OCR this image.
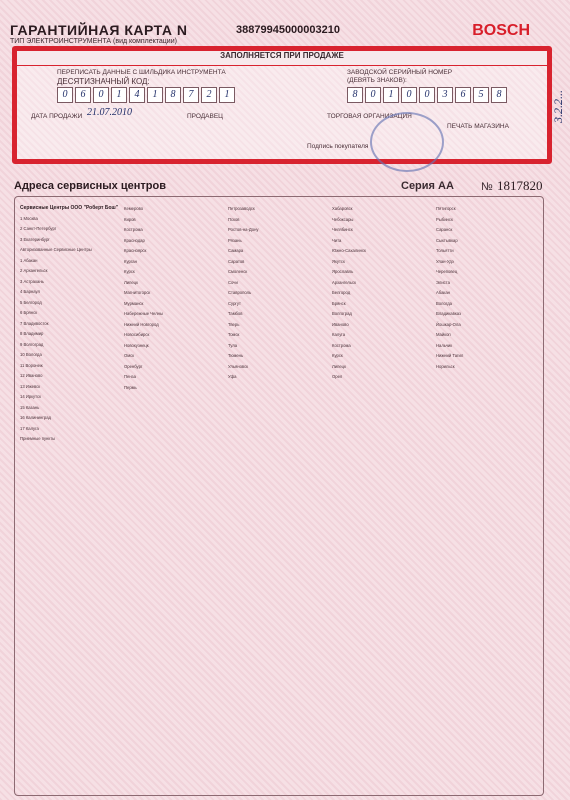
ГАРАНТИЙНАЯ КАРТА N
ТИП ЭЛЕКТРОИНСТРУМЕНТА (вид комплектации)
38879945000003210	BOSCH
ЗАПОЛНЯЕТСЯ ПРИ ПРОДАЖЕ
ПЕРЕПИСАТЬ ДАННЫЕ С ШИЛЬДИКА ИНСТРУМЕНТА
ДЕСЯТИЗНАЧНЫЙ КОД:
ЗАВОДСКОЙ СЕРИЙНЫЙ НОМЕР
(ДЕВЯТЬ ЗНАКОВ):
0	6	0	1	4	1	8	7	2	1	8	0	1	0	0	3	6	5	8
ДАТА ПРОДАЖИ 21.07.2010	ПРОДАВЕЦ	ТОРГОВАЯ ОРГАНИЗАЦИЯ
ПЕЧАТЬ МАГАЗИНА

Подпись покупателя
3.2.2...
Адреса сервисных центров	Серия АА № 1817820
Сервисные Центры ООО "Роберт Бош"
1 Москва
2 Санкт-Петербург
3 Екатеринбург
Авторизованные Сервисные Центры
1 Абакан
2 Архангельск
3 Астрахань
4 Барнаул
5 Белгород
6 Брянск
7 Владивосток
8 Владимир
9 Волгоград
10 Вологда
11 Воронеж
12 Иваново
13 Ижевск
14 Иркутск
15 Казань
16 Калининград
17 Калуга
Приемные пункты
Кемерово
Киров
Кострома
Краснодар
Красноярск
Курган
Курск
Липецк
Магнитогорск
Мурманск
Набережные Челны
Нижний Новгород
Новосибирск
Новокузнецк
Омск
Оренбург
Пенза
Пермь
Петрозаводск
Псков
Ростов-на-Дону
Рязань
Самара
Саратов
Смоленск
Сочи
Ставрополь
Сургут
Тамбов
Тверь
Томск
Тула
Тюмень
Ульяновск
Уфа
Хабаровск
Чебоксары
Челябинск
Чита
Южно-Сахалинск
Якутск
Ярославль
Архангельск
Белгород
Брянск
Волгоград
Иваново
Калуга
Кострома
Курск
Липецк
Орел
Пятигорск
Рыбинск
Саранск
Сыктывкар
Тольятти
Улан-Удэ
Череповец
Элиста
Абакан
Вологда
Владикавказ
Йошкар-Ола
Майкоп
Нальчик
Нижний Тагил
Норильск
